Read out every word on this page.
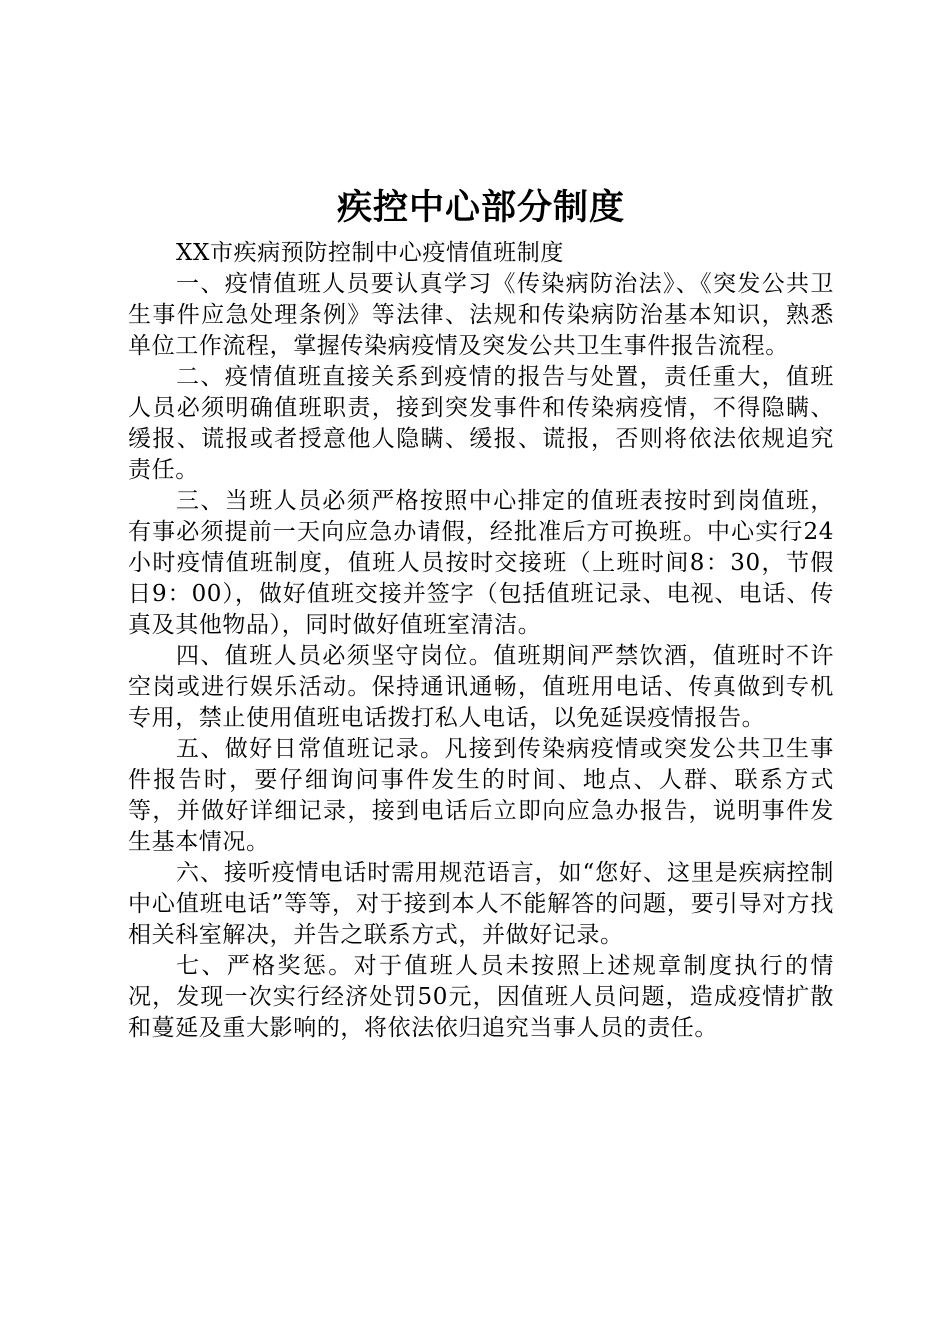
疾控中心部分制度

XX市疾病预防控制中心疫情值班制度

一、疫情值班人员要认真学习《传染病防治法》、《突发公共卫生事件应急处理条例》等法律、法规和传染病防治基本知识，熟悉单位工作流程，掌握传染病疫情及突发公共卫生事件报告流程。

二、疫情值班直接关系到疫情的报告与处置，责任重大，值班人员必须明确值班职责，接到突发事件和传染病疫情，不得隐瞒、缓报、谎报或者授意他人隐瞒、缓报、谎报，否则将依法依规追究责任。

三、当班人员必须严格按照中心排定的值班表按时到岗值班，有事必须提前一天向应急办请假，经批准后方可换班。中心实行24小时疫情值班制度，值班人员按时交接班（上班时间8：30，节假日9：00），做好值班交接并签字（包括值班记录、电视、电话、传真及其他物品），同时做好值班室清洁。

四、值班人员必须坚守岗位。值班期间严禁饮酒，值班时不许空岗或进行娱乐活动。保持通讯通畅，值班用电话、传真做到专机专用，禁止使用值班电话拨打私人电话，以免延误疫情报告。

五、做好日常值班记录。凡接到传染病疫情或突发公共卫生事件报告时，要仔细询问事件发生的时间、地点、人群、联系方式等，并做好详细记录，接到电话后立即向应急办报告，说明事件发生基本情况。

六、接听疫情电话时需用规范语言，如“您好、这里是疾病控制中心值班电话”等等，对于接到本人不能解答的问题，要引导对方找相关科室解决，并告之联系方式，并做好记录。

七、严格奖惩。对于值班人员未按照上述规章制度执行的情况，发现一次实行经济处罚50元，因值班人员问题，造成疫情扩散和蔓延及重大影响的，将依法依归追究当事人员的责任。
